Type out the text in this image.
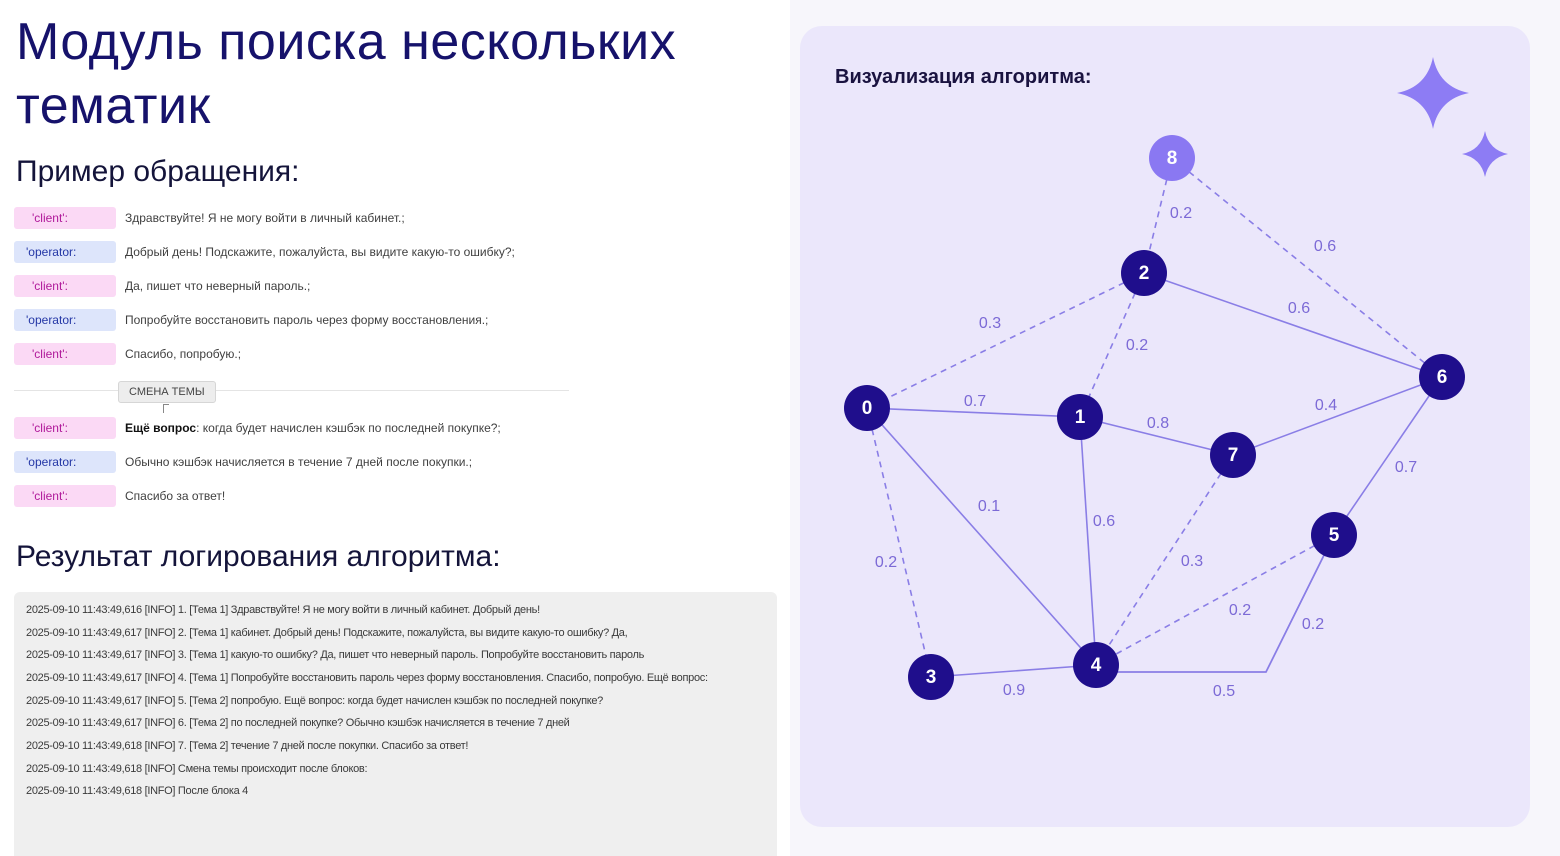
Модуль поиска нескольких тематик
Пример обращения:
'client':	Здравствуйте! Я не могу войти в личный кабинет.;
'operator:	Добрый день! Подскажите, пожалуйста, вы видите какую-то ошибку?;
'client':	Да, пишет что неверный пароль.;
'operator:	Попробуйте восстановить пароль через форму восстановления.;
'client':	Спасибо, попробую.;
СМЕНА ТЕМЫ
'client':	Ещё вопрос: когда будет начислен кэшбэк по последней покупке?;
'operator:	Обычно кэшбэк начисляется в течение 7 дней после покупки.;
'client':	Спасибо за ответ!
Результат логирования алгоритма:
2025-09-10 11:43:49,616 [INFO] 1. [Тема 1] Здравствуйте! Я не могу войти в личный кабинет. Добрый день!
2025-09-10 11:43:49,617 [INFO] 2. [Тема 1] кабинет. Добрый день! Подскажите, пожалуйста, вы видите какую-то ошибку? Да,
2025-09-10 11:43:49,617 [INFO] 3. [Тема 1] какую-то ошибку? Да, пишет что неверный пароль. Попробуйте восстановить пароль
2025-09-10 11:43:49,617 [INFO] 4. [Тема 1] Попробуйте восстановить пароль через форму восстановления. Спасибо, попробую. Ещё вопрос:
2025-09-10 11:43:49,617 [INFO] 5. [Тема 2] попробую. Ещё вопрос: когда будет начислен кэшбэк по последней покупке?
2025-09-10 11:43:49,617 [INFO] 6. [Тема 2] по последней покупке? Обычно кэшбэк начисляется в течение 7 дней
2025-09-10 11:43:49,618 [INFO] 7. [Тема 2] течение 7 дней после покупки. Спасибо за ответ!
2025-09-10 11:43:49,618 [INFO] Смена темы происходит после блоков:
2025-09-10 11:43:49,618 [INFO] После блока 4
Визуализация алгоритма:
0.2
0.6
0.3
0.2
0.6
0.7
0.8
0.4
0.7
0.1
0.6
0.2	0.3
0.2
0.9
0.2
0.5
0	1
2
3
4
5
6
7
8
